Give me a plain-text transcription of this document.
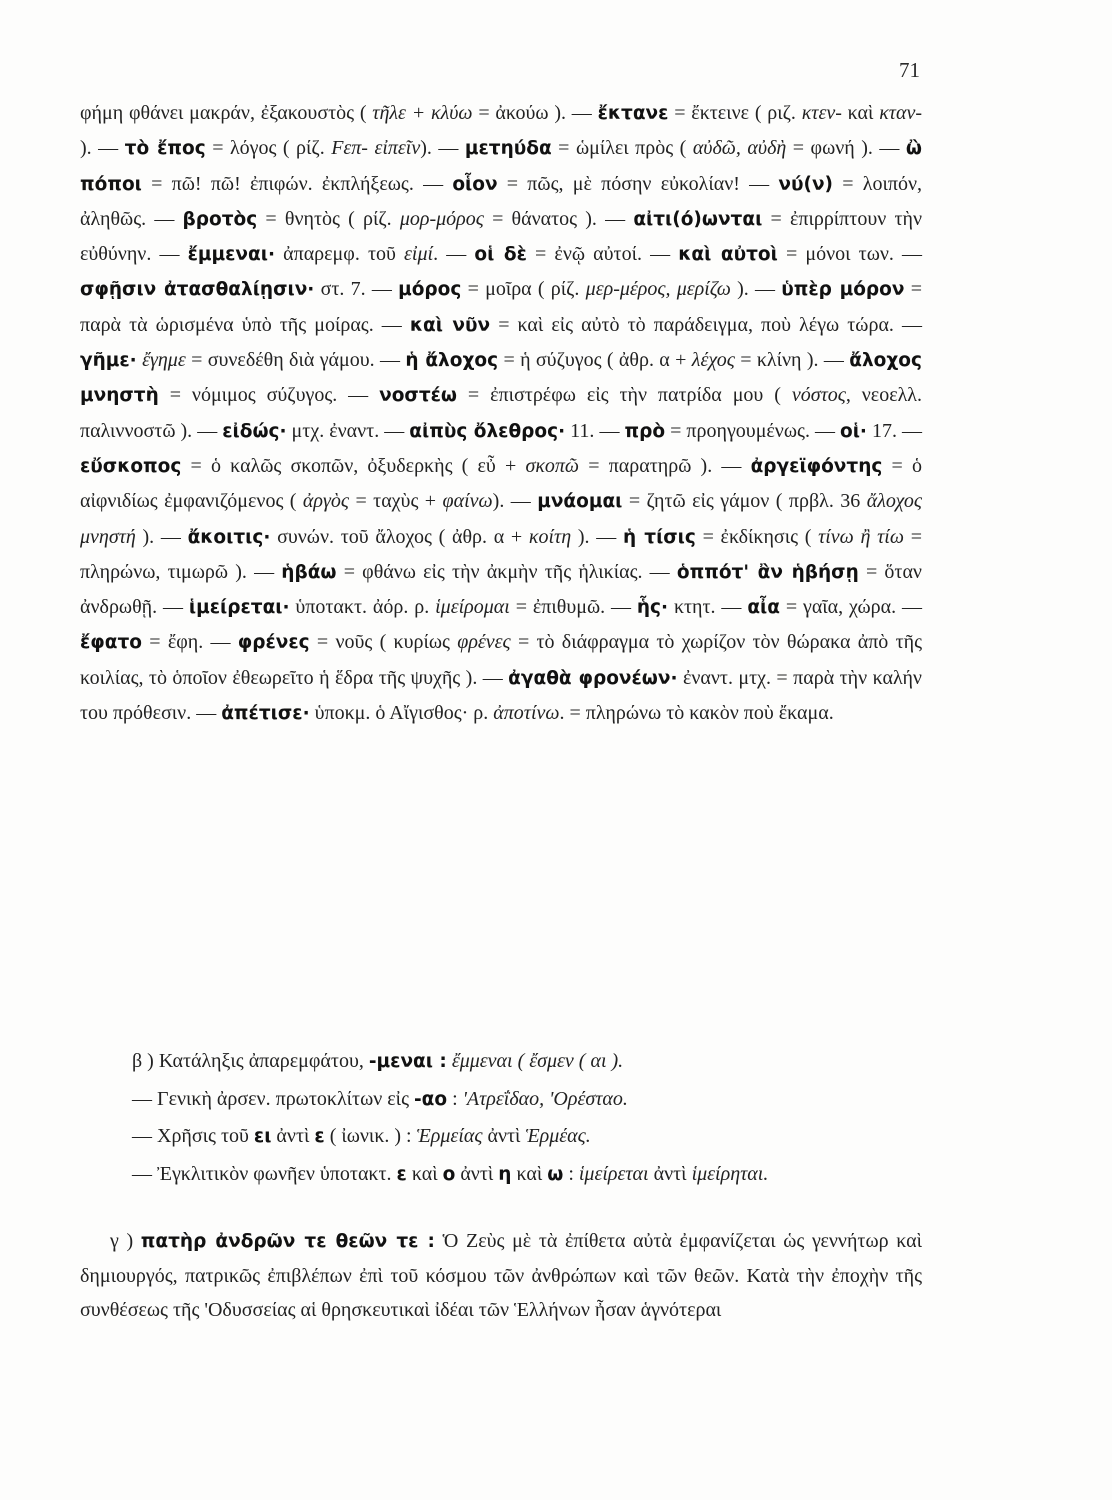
71

φήμη φθάνει μακράν, ἐξακουστὸς ( τῆλε + κλύω = ἀκούω ). — ἔκτανε = ἔκτεινε ( ριζ. κτεν- καὶ κταν- ). — τὸ ἔπος = λόγος ( ρίζ. Fεπ- εἰπεῖν). — μετηύδα = ὡμίλει πρὸς ( αὐδῶ, αὐδὴ = φωνή ). — ὢ πόποι = πῶ! πῶ! ἐπιφών. ἐκπλήξεως. — οἷον = πῶς, μὲ πόσην εὐκολίαν! — νύ(ν) = λοιπόν, ἀληθῶς. — βροτὸς = θνητὸς ( ρίζ. μορ-μόρος = θάνατος ). — αἰτι(ό)ωνται = ἐπιρρίπτουν τὴν εὐθύνην. — ἔμμεναι· ἀπαρεμφ. τοῦ εἰμί. — οἱ δὲ = ἐνῷ αὐτοί. — καὶ αὐτοὶ = μόνοι των. — σφῇσιν ἀτασθαλίῃσιν· στ. 7. — μόρος = μοῖρα ( ρίζ. μερ-μέρος, μερίζω ). — ὑπὲρ μόρον = παρὰ τὰ ὡρισμένα ὑπὸ τῆς μοίρας. — καὶ νῦν = καὶ εἰς αὐτὸ τὸ παράδειγμα, ποὺ λέγω τώρα. — γῆμε· ἔγημε = συνεδέθη διὰ γάμου. — ἡ ἄλοχος = ἡ σύζυγος ( ἀθρ. α + λέχος = κλίνη ). — ἄλοχος μνηστὴ = νόμιμος σύζυγος. — νοστέω = ἐπιστρέφω εἰς τὴν πατρίδα μου ( νόστος, νεοελλ. παλιννοστῶ ). — εἰδώς· μτχ. ἐναντ. — αἰπὺς ὄλεθρος· 11. — πρὸ = προηγουμένως. — οἱ· 17. — εὔσκοπος = ὁ καλῶς σκοπῶν, ὀξυδερκὴς ( εὖ + σκοπῶ = παρατηρῶ ). — ἀργεϊφόντης = ὁ αἰφνιδίως ἐμφανιζόμενος ( ἀργὸς = ταχὺς + φαίνω). — μνάομαι = ζητῶ εἰς γάμον ( πρβλ. 36 ἄλοχος μνηστή ). — ἄκοιτις· συνών. τοῦ ἄλοχος ( ἀθρ. α + κοίτη ). — ἡ τίσις = ἐκδίκησις ( τίνω ἢ τίω = πληρώνω, τιμωρῶ ). — ἡβάω = φθάνω εἰς τὴν ἀκμὴν τῆς ἡλικίας. — ὁππότ' ἂν ἡβήσῃ = ὅταν ἀνδρωθῇ. — ἱμείρεται· ὑποτακτ. ἀόρ. ρ. ἱμείρομαι = ἐπιθυμῶ. — ἧς· κτητ. — αἶα = γαῖα, χώρα. — ἔφατο = ἔφη. — φρένες = νοῦς ( κυρίως φρένες = τὸ διάφραγμα τὸ χωρίζον τὸν θώρακα ἀπὸ τῆς κοιλίας, τὸ ὁποῖον ἐθεωρεῖτο ἡ ἕδρα τῆς ψυχῆς ). — ἀγαθὰ φρονέων· ἐναντ. μτχ. = παρὰ τὴν καλήν του πρόθεσιν. — ἀπέτισε· ὑποκμ. ὁ Αἴγισθος· ρ. ἀποτίνω. = πληρώνω τὸ κακὸν ποὺ ἔκαμα.

β ) Κατάληξις ἀπαρεμφάτου, -μεναι : ἔμμεναι ( ἔσμεν ( αι ).
— Γενικὴ ἀρσεν. πρωτοκλίτων εἰς -αο : 'Ατρεΐδαο, 'Ορέσταο.
— Χρῆσις τοῦ ει ἀντὶ ε ( ἰωνικ. ) : Ἑρμείας ἀντὶ Ἑρμέας.
— Ἐγκλιτικὸν φωνῆεν ὑποτακτ. ε καὶ ο ἀντὶ η καὶ ω : ἱμείρεται ἀντὶ ἱμείρηται.

γ ) πατὴρ ἀνδρῶν τε θεῶν τε : Ὁ Ζεὺς μὲ τὰ ἐπίθετα αὐτὰ ἐμφανίζεται ὡς γεννήτωρ καὶ δημιουργός, πατρικῶς ἐπιβλέπων ἐπὶ τοῦ κόσμου τῶν ἀνθρώπων καὶ τῶν θεῶν. Κατὰ τὴν ἐποχὴν τῆς συνθέσεως τῆς 'Οδυσσείας αἱ θρησκευτικαὶ ἰδέαι τῶν Ἑλλήνων ἦσαν ἁγνότεραι
